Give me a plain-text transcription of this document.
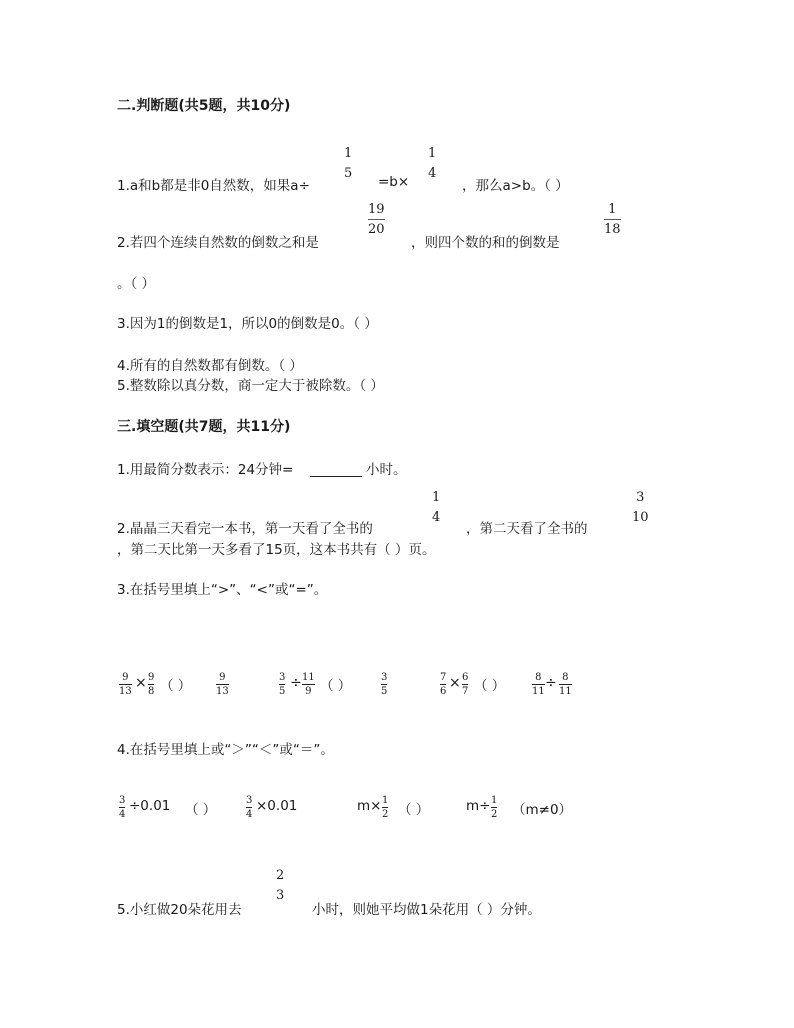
二.判断题(共5题，共10分)
1.a和b都是非0自然数，如果a÷
1
5
=b×
1
4
，那么a>b。（ ）
2.若四个连续自然数的倒数之和是
19
20
，则四个数的和的倒数是
1
18
。（ ）
3.因为1的倒数是1，所以0的倒数是0。（ ）
4.所有的自然数都有倒数。（ ）
5.整数除以真分数，商一定大于被除数。（ ）
三.填空题(共7题，共11分)
1.用最简分数表示：24分钟=	小时。
2.晶晶三天看完一本书，第一天看了全书的
1
4
，第二天看了全书的
3
10
，第二天比第一天多看了15页，这本书共有（ ）页。
3.在括号里填上“>”、“<”或“=”。
9
13
× 9
8 （ ）
9
13
3
5
÷ 11
9 （ ）
3
5
7
6
× 6
7 （ ）
8
11
÷ 8
11
4.在括号里填上或“＞”“＜”或“＝”。
3
4
÷0.01 （ ）
3
4
×0.01	m× 1
2 （ ）	m÷ 1
2 （m≠0）
5.小红做20朵花用去
2
3
小时，则她平均做1朵花用（ ）分钟。
